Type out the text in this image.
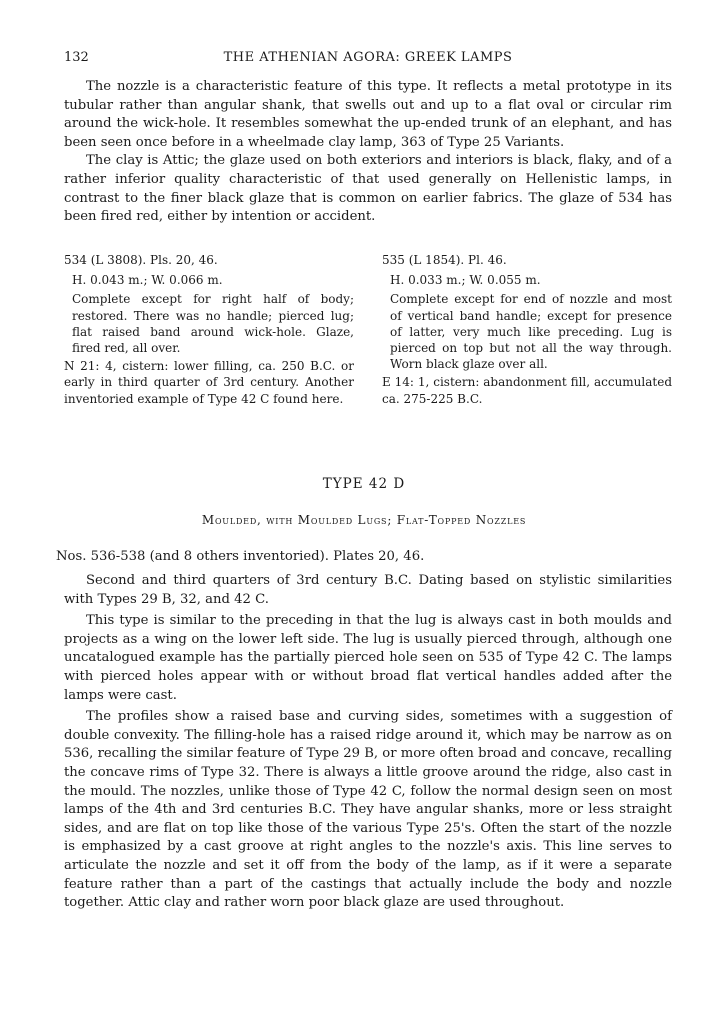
132	THE ATHENIAN AGORA: GREEK LAMPS

The nozzle is a characteristic feature of this type. It reflects a metal prototype in its tubular rather than angular shank, that swells out and up to a flat oval or circular rim around the wick-hole. It resembles somewhat the up-ended trunk of an elephant, and has been seen once before in a wheelmade clay lamp, 363 of Type 25 Variants.

The clay is Attic; the glaze used on both exteriors and interiors is black, flaky, and of a rather inferior quality characteristic of that used generally on Hellenistic lamps, in contrast to the finer black glaze that is common on earlier fabrics. The glaze of 534 has been fired red, either by intention or accident.

534 (L 3808). Pls. 20, 46.

H. 0.043 m.; W. 0.066 m.

Complete except for right half of body; restored. There was no handle; pierced lug; flat raised band around wick-hole. Glaze, fired red, all over.

N 21: 4, cistern: lower filling, ca. 250 B.C. or early in third quarter of 3rd century. Another inventoried example of Type 42 C found here.

535 (L 1854). Pl. 46.

H. 0.033 m.; W. 0.055 m.

Complete except for end of nozzle and most of vertical band handle; except for presence of latter, very much like preceding. Lug is pierced on top but not all the way through. Worn black glaze over all.

E 14: 1, cistern: abandonment fill, accumulated ca. 275-225 B.C.

TYPE 42 D
Moulded, with Moulded Lugs; Flat-Topped Nozzles
Nos. 536-538 (and 8 others inventoried). Plates 20, 46.

Second and third quarters of 3rd century B.C. Dating based on stylistic similarities with Types 29 B, 32, and 42 C.

This type is similar to the preceding in that the lug is always cast in both moulds and projects as a wing on the lower left side. The lug is usually pierced through, although one uncatalogued example has the partially pierced hole seen on 535 of Type 42 C. The lamps with pierced holes appear with or without broad flat vertical handles added after the lamps were cast.

The profiles show a raised base and curving sides, sometimes with a suggestion of double convexity. The filling-hole has a raised ridge around it, which may be narrow as on 536, recalling the similar feature of Type 29 B, or more often broad and concave, recalling the concave rims of Type 32. There is always a little groove around the ridge, also cast in the mould. The nozzles, unlike those of Type 42 C, follow the normal design seen on most lamps of the 4th and 3rd centuries B.C. They have angular shanks, more or less straight sides, and are flat on top like those of the various Type 25's. Often the start of the nozzle is emphasized by a cast groove at right angles to the nozzle's axis. This line serves to articulate the nozzle and set it off from the body of the lamp, as if it were a separate feature rather than a part of the castings that actually include the body and nozzle together. Attic clay and rather worn poor black glaze are used throughout.
